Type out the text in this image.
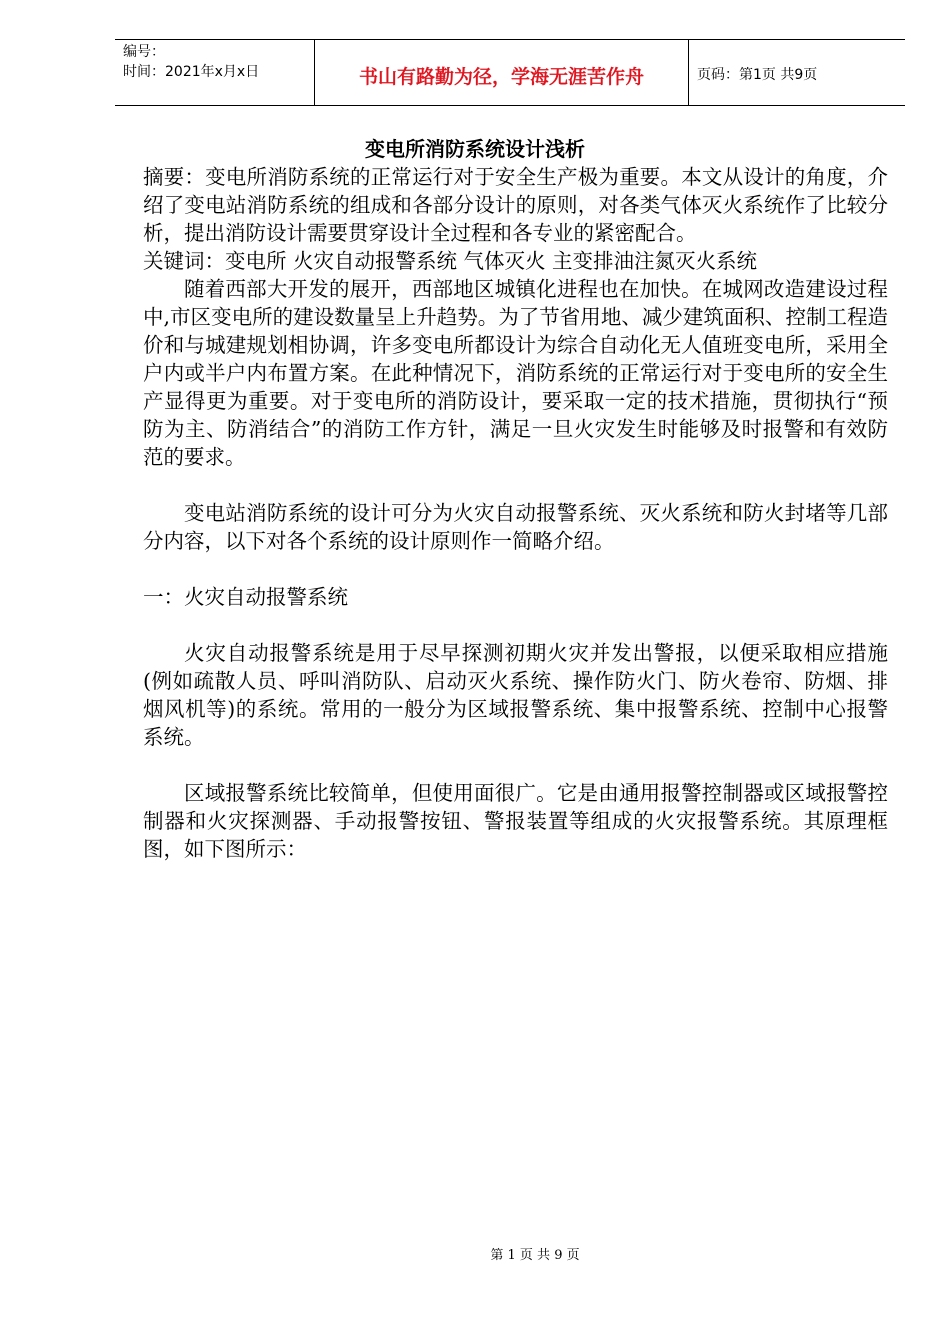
编号：
时间：2021年x月x日	书山有路勤为径，学海无涯苦作舟	页码：第1页 共9页
变电所消防系统设计浅析

摘要：变电所消防系统的正常运行对于安全生产极为重要。本文从设计的角度，介绍了变电站消防系统的组成和各部分设计的原则，对各类气体灭火系统作了比较分析，提出消防设计需要贯穿设计全过程和各专业的紧密配合。

关键词：变电所 火灾自动报警系统 气体灭火 主变排油注氮灭火系统

随着西部大开发的展开，西部地区城镇化进程也在加快。在城网改造建设过程中,市区变电所的建设数量呈上升趋势。为了节省用地、减少建筑面积、控制工程造价和与城建规划相协调，许多变电所都设计为综合自动化无人值班变电所，采用全户内或半户内布置方案。在此种情况下，消防系统的正常运行对于变电所的安全生产显得更为重要。对于变电所的消防设计，要采取一定的技术措施，贯彻执行“预防为主、防消结合”的消防工作方针，满足一旦火灾发生时能够及时报警和有效防范的要求。

变电站消防系统的设计可分为火灾自动报警系统、灭火系统和防火封堵等几部分内容，以下对各个系统的设计原则作一简略介绍。

一：火灾自动报警系统

火灾自动报警系统是用于尽早探测初期火灾并发出警报，以便采取相应措施(例如疏散人员、呼叫消防队、启动灭火系统、操作防火门、防火卷帘、防烟、排烟风机等)的系统。常用的一般分为区域报警系统、集中报警系统、控制中心报警系统。

区域报警系统比较简单，但使用面很广。它是由通用报警控制器或区域报警控制器和火灾探测器、手动报警按钮、警报装置等组成的火灾报警系统。其原理框图，如下图所示：

第 1 页 共 9 页
